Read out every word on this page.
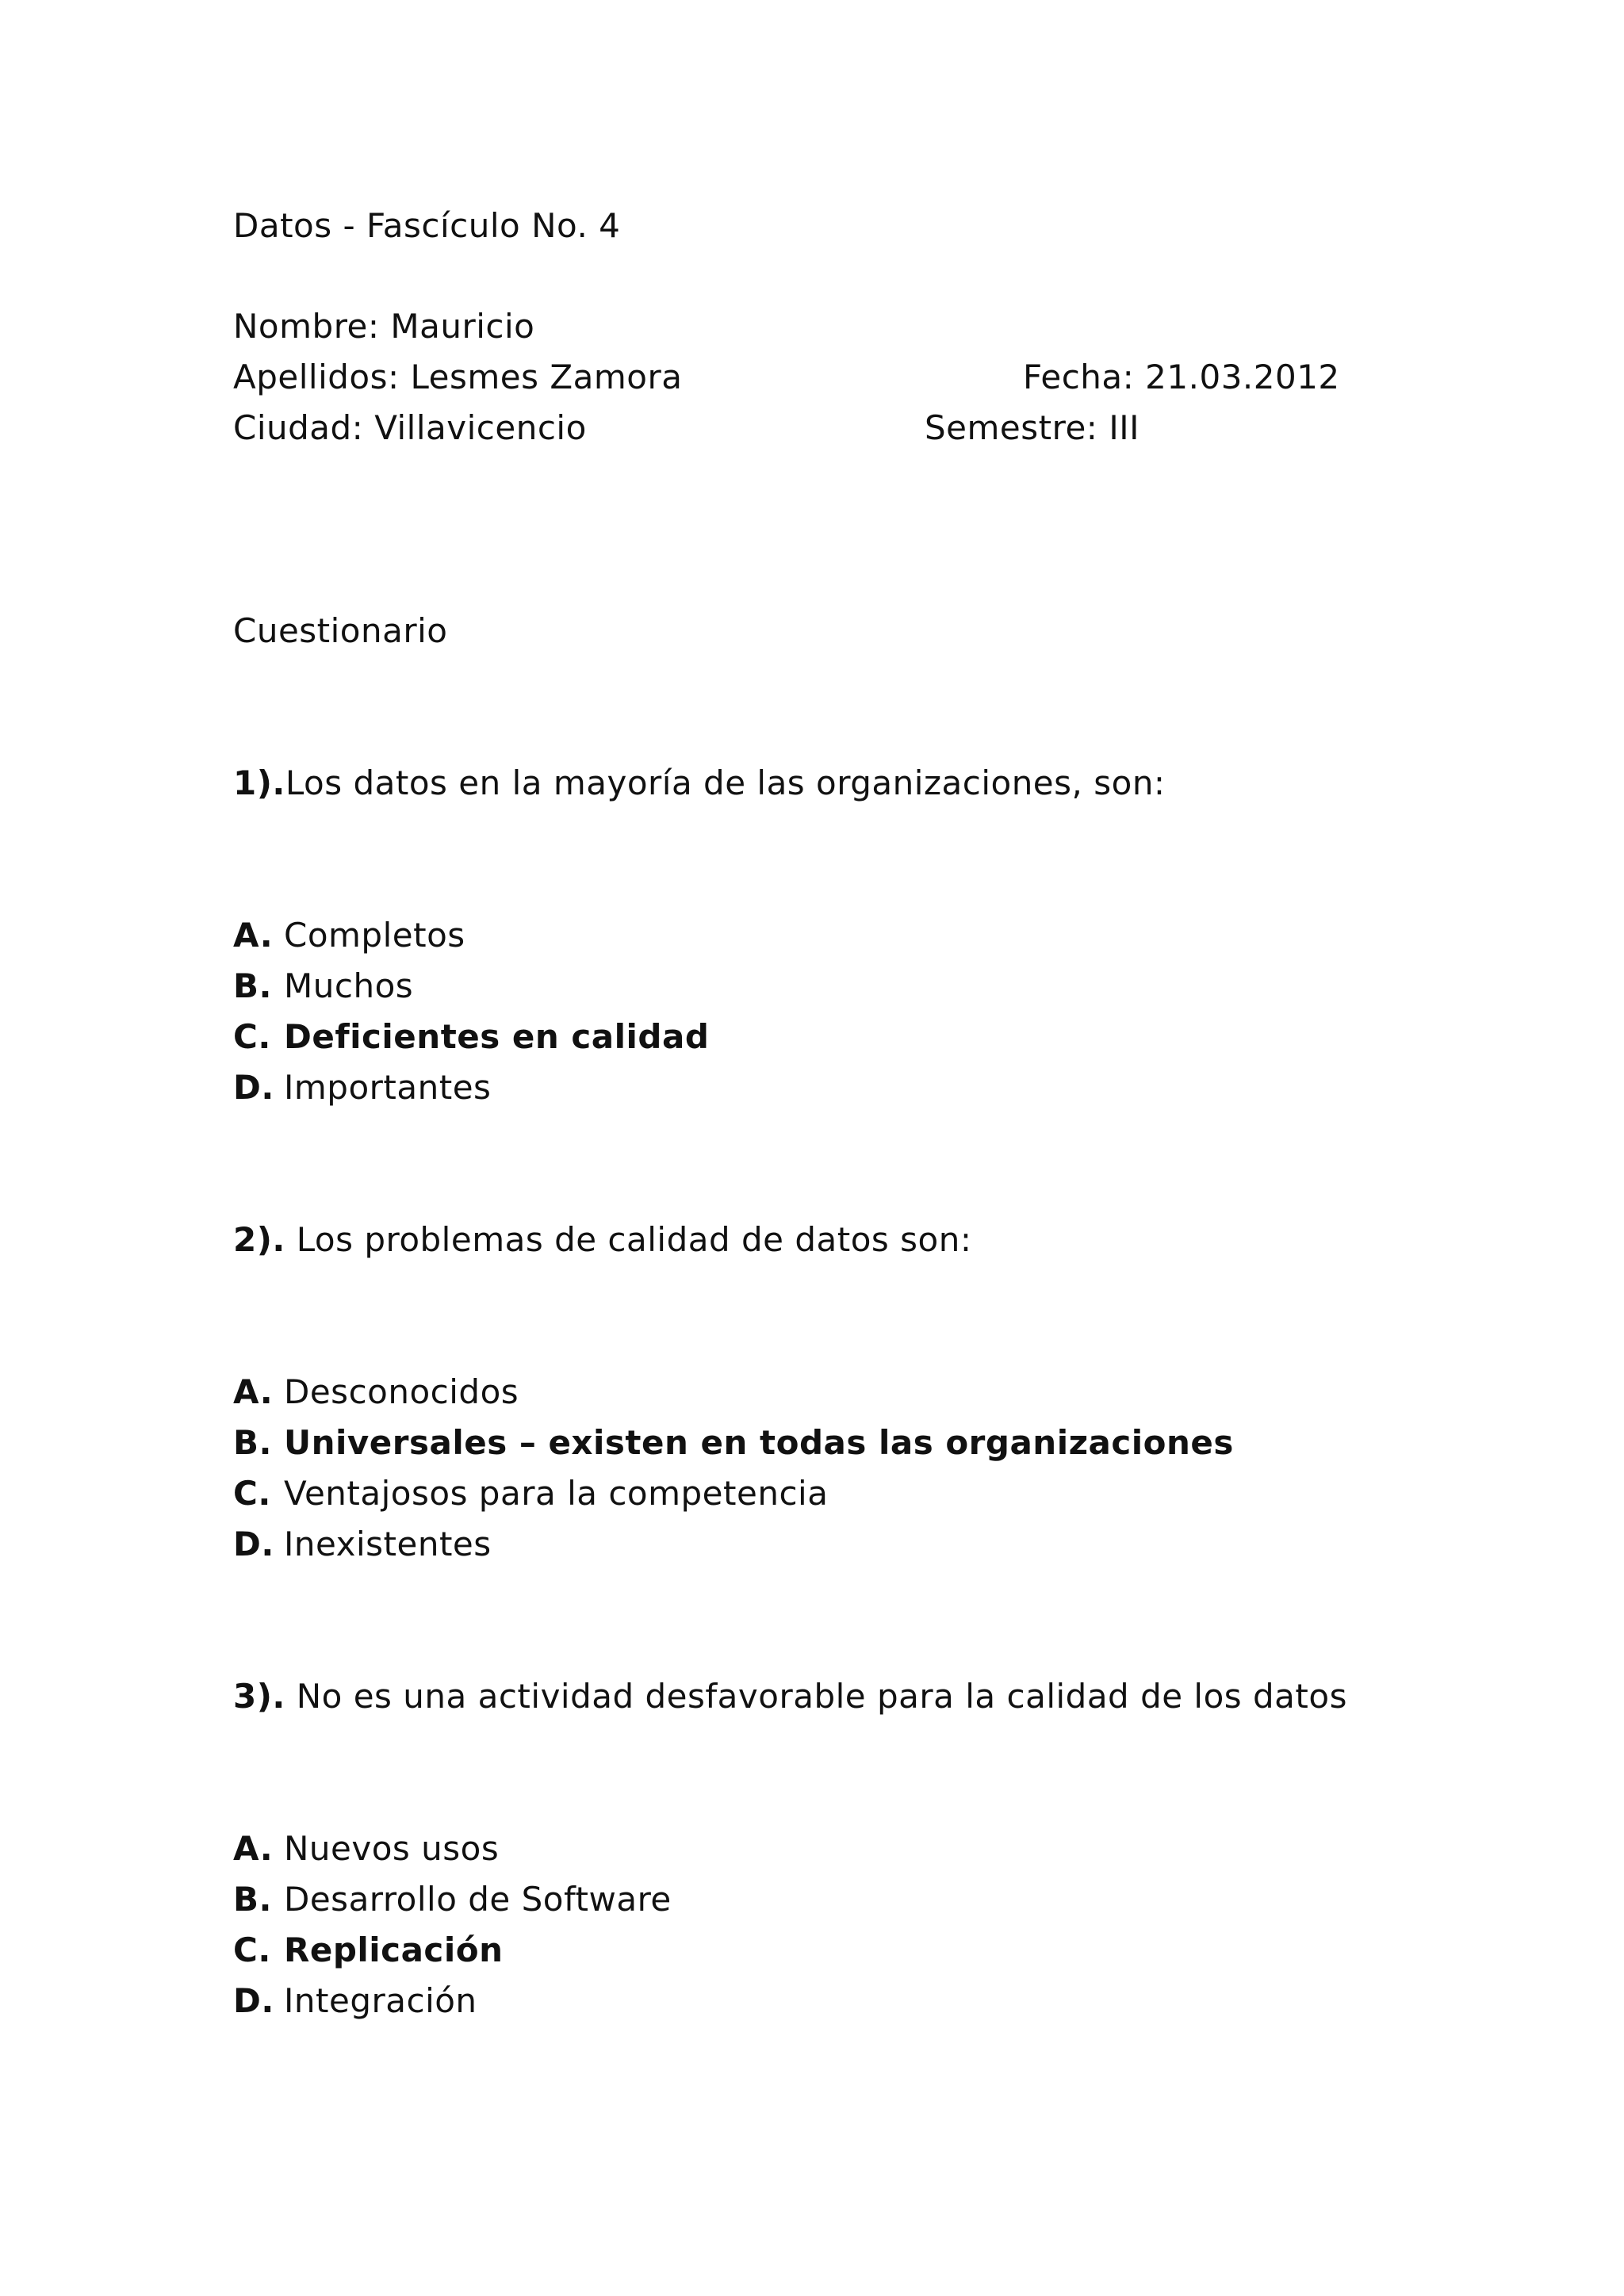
Datos - Fascículo No. 4
Nombre: Mauricio
Apellidos: Lesmes Zamora	Fecha: 21.03.2012
Ciudad: Villavicencio	Semestre: III
Cuestionario
1).Los datos en la mayoría de las organizaciones, son:
A. Completos
B. Muchos
C. Deficientes en calidad
D. Importantes
2). Los problemas de calidad de datos son:
A. Desconocidos
B. Universales – existen en todas las organizaciones
C. Ventajosos para la competencia
D. Inexistentes
3). No es una actividad desfavorable para la calidad de los datos
A. Nuevos usos
B. Desarrollo de Software
C. Replicación
D. Integración
